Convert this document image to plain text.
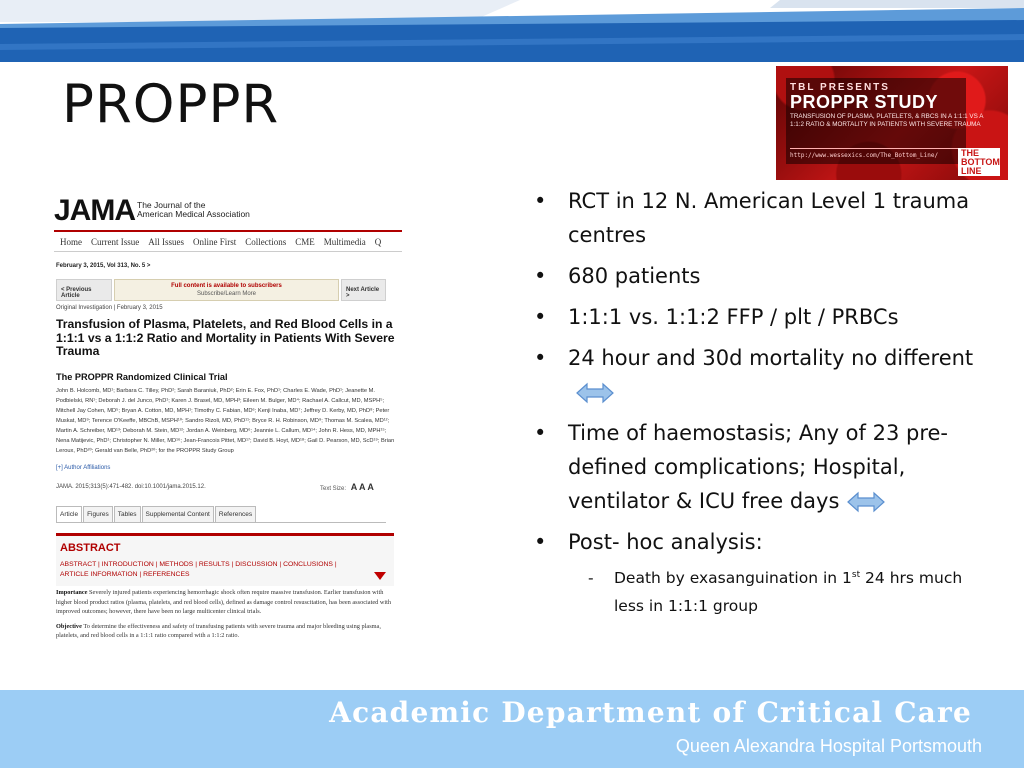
PROPPR	TBL PRESENTS
PROPPR STUDY
TRANSFUSION OF PLASMA, PLATELETS, & RBCS IN A 1:1:1 VS A 1:1:2 RATIO & MORTALITY IN PATIENTS WITH SEVERE TRAUMA
http://www.wessexics.com/The_Bottom_Line/	THE BOTTOM LINE
JAMA The Journal of the
American Medical Association
Home Current Issue All Issues Online First Collections CME Multimedia Q
February 3, 2015, Vol 313, No. 5 >
< Previous Article
Full content is available to subscribers
Subscribe/Learn More
Next Article >
Original Investigation | February 3, 2015
Transfusion of Plasma, Platelets, and Red Blood Cells in a 1:1:1 vs a 1:1:2 Ratio and Mortality in Patients With Severe Trauma
The PROPPR Randomized Clinical Trial
John B. Holcomb, MD¹; Barbara C. Tilley, PhD²; Sarah Baraniuk, PhD²; Erin E. Fox, PhD¹; Charles E. Wade, PhD¹; Jeanette M. Podbielski, RN¹; Deborah J. del Junco, PhD¹; Karen J. Brasel, MD, MPH³; Eileen M. Bulger, MD⁴; Rachael A. Callcut, MD, MSPH⁵; Mitchell Jay Cohen, MD⁵; Bryan A. Cotton, MD, MPH¹; Timothy C. Fabian, MD⁶; Kenji Inaba, MD⁷; Jeffrey D. Kerby, MD, PhD⁸; Peter Muskat, MD⁹; Terence O'Keeffe, MBChB, MSPH¹⁰; Sandro Rizoli, MD, PhD¹¹; Bryce R. H. Robinson, MD⁹; Thomas M. Scalea, MD¹²; Martin A. Schreiber, MD¹³; Deborah M. Stein, MD¹²; Jordan A. Weinberg, MD⁶; Jeannie L. Callum, MD¹⁴; John R. Hess, MD, MPH¹⁵; Nena Matijevic, PhD¹; Christopher N. Miller, MD¹⁶; Jean-Francois Pittet, MD¹⁷; David B. Hoyt, MD¹⁸; Gail D. Pearson, MD, ScD¹⁹; Brian Leroux, PhD²⁰; Gerald van Belle, PhD²⁰; for the PROPPR Study Group
[+] Author Affiliations
JAMA. 2015;313(5):471-482. doi:10.1001/jama.2015.12.	Text Size: A A A
Article	Figures	Tables	Supplemental Content	References
ABSTRACT
ABSTRACT | INTRODUCTION | METHODS | RESULTS | DISCUSSION | CONCLUSIONS | ARTICLE INFORMATION | REFERENCES

Importance Severely injured patients experiencing hemorrhagic shock often require massive transfusion. Earlier transfusion with higher blood product ratios (plasma, platelets, and red blood cells), defined as damage control resuscitation, has been associated with improved outcomes; however, there have been no large multicenter clinical trials.

Objective To determine the effectiveness and safety of transfusing patients with severe trauma and major bleeding using plasma, platelets, and red blood cells in a 1:1:1 ratio compared with a 1:1:2 ratio.

• RCT in 12 N. American Level 1 trauma centres
• 680 patients
• 1:1:1 vs. 1:1:2 FFP / plt / PRBCs
• 24 hour and 30d mortality no different
• Time of haemostasis; Any of 23 pre-defined complications; Hospital, ventilator & ICU free days
• Post- hoc analysis:
- Death by exasanguination in 1st 24 hrs much less in 1:1:1 group
Academic Department of Critical Care
Queen Alexandra Hospital Portsmouth
